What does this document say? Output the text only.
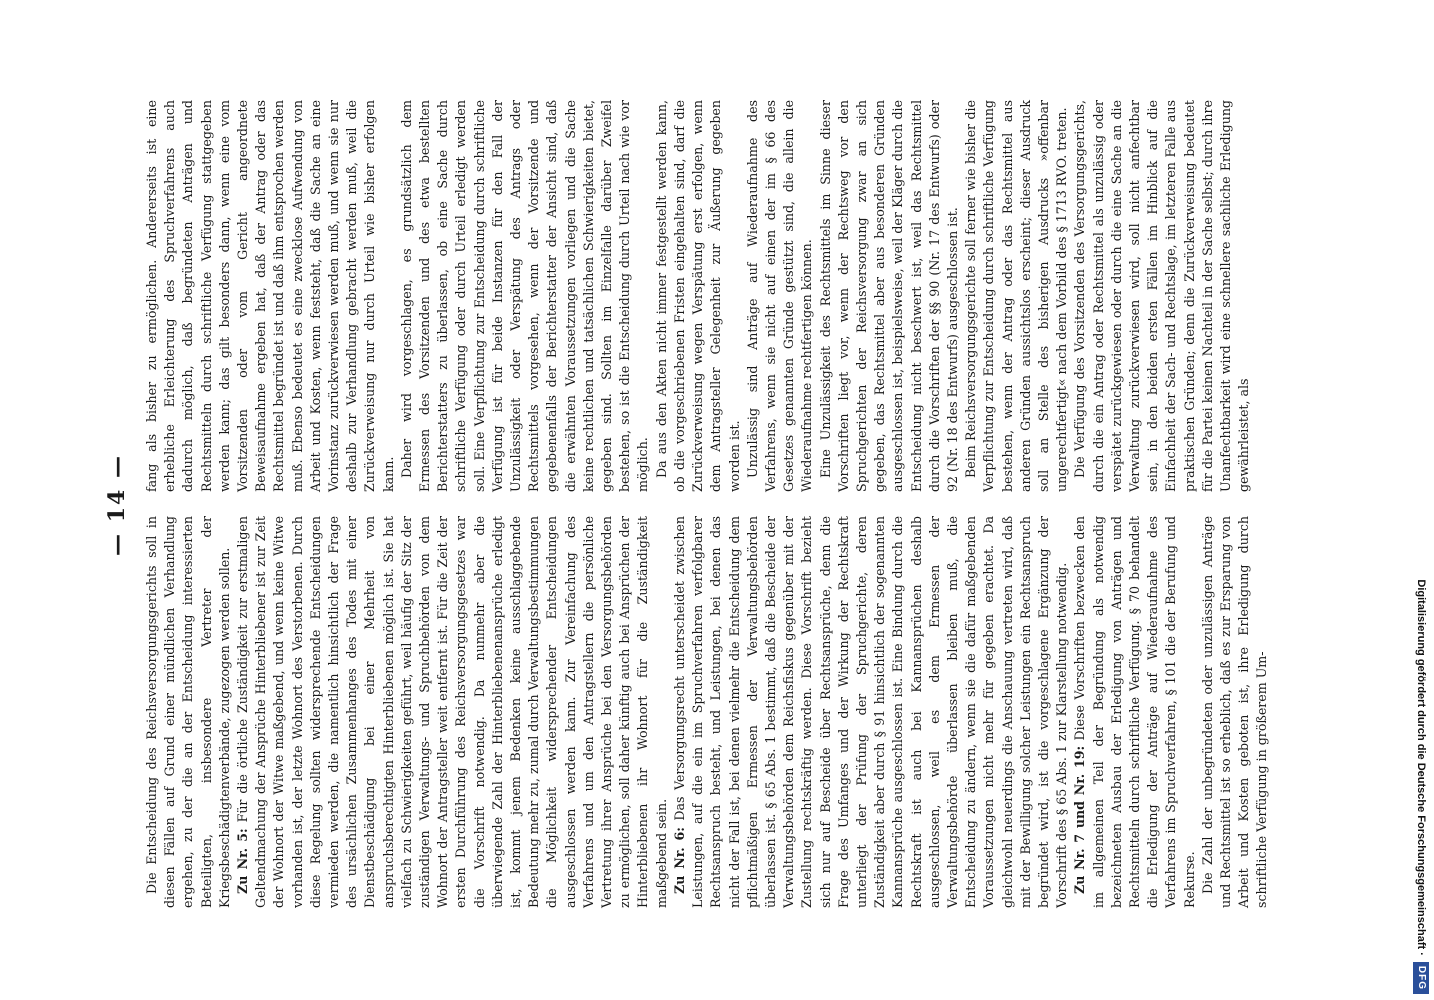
— 14 —

Die Entscheidung des Reichsversorgungsgerichts soll in diesen Fällen auf Grund einer mündlichen Verhandlung ergehen, zu der die an der Entscheidung interessierten Beteiligten, insbesondere Vertreter der Kriegsbeschädigtenverbände, zugezogen werden sollen. Zu Nr. 5: Für die örtliche Zuständigkeit zur erstmaligen Geltendmachung der Ansprüche Hinterbliebener ist zur Zeit der Wohnort der Witwe maßgebend, und wenn keine Witwe vorhanden ist, der letzte Wohnort des Verstorbenen. Durch diese Regelung sollten widersprechende Entscheidungen vermieden werden, die namentlich hinsichtlich der Frage des ursächlichen Zusammenhanges des Todes mit einer Dienstbeschädigung bei einer Mehrheit von anspruchsberechtigten Hinterbliebenen möglich ist. Sie hat vielfach zu Schwierigkeiten geführt, weil häufig der Sitz der zuständigen Verwaltungs- und Spruchbehörden von dem Wohnort der Antragsteller weit entfernt ist. Für die Zeit der ersten Durchführung des Reichsversorgungsgesetzes war die Vorschrift notwendig. Da nunmehr aber die überwiegende Zahl der Hinterbliebenenansprüche erledigt ist, kommt jenem Bedenken keine ausschlaggebende Bedeutung mehr zu, zumal durch Verwaltungsbestimmungen die Möglichkeit widersprechender Entscheidungen ausgeschlossen werden kann. Zur Vereinfachung des Verfahrens und um den Antragstellern die persönliche Vertretung ihrer Ansprüche bei den Versorgungsbehörden zu ermöglichen, soll daher künftig auch bei Ansprüchen der Hinterbliebenen ihr Wohnort für die Zuständigkeit maßgebend sein. Zu Nr. 6: Das Versorgungsrecht unterscheidet zwischen Leistungen, auf die ein im Spruchverfahren verfolgbarer Rechtsanspruch besteht, und Leistungen, bei denen das nicht der Fall ist, bei denen vielmehr die Entscheidung dem pflichtmäßigen Ermessen der Verwaltungsbehörden überlassen ist. § 65 Abs. 1 bestimmt, daß die Bescheide der Verwaltungsbehörden dem Reichsfiskus gegenüber mit der Zustellung rechtskräftig werden. Diese Vorschrift bezieht sich nur auf Bescheide über Rechtsansprüche, denn die Frage des Umfanges und der Wirkung der Rechtskraft unterliegt der Prüfung der Spruchgerichte, deren Zuständigkeit aber durch § 91 hinsichtlich der sogenannten Kannansprüche ausgeschlossen ist. Eine Bindung durch die Rechtskraft ist auch bei Kannansprüchen deshalb ausgeschlossen, weil es dem Ermessen der Verwaltungsbehörde überlassen bleiben muß, die Entscheidung zu ändern, wenn sie die dafür maßgebenden Voraussetzungen nicht mehr für gegeben erachtet. Da gleichwohl neuerdings die Anschauung vertreten wird, daß mit der Bewilligung solcher Leistungen ein Rechtsanspruch begründet wird, ist die vorgeschlagene Ergänzung der Vorschrift des § 65 Abs. 1 zur Klarstellung notwendig. Zu Nr. 7 und Nr. 19: Diese Vorschriften bezwecken den im allgemeinen Teil der Begründung als notwendig bezeichneten Ausbau der Erledigung von Anträgen und Rechtsmitteln durch schriftliche Verfügung. § 70 behandelt die Erledigung der Anträge auf Wiederaufnahme des Verfahrens im Spruchverfahren, § 101 die der Berufung und Rekurse. Die Zahl der unbegründeten oder unzulässigen Anträge und Rechtsmittel ist so erheblich, daß es zur Ersparung von Arbeit und Kosten geboten ist, ihre Erledigung durch schriftliche Verfügung in größerem Um-

fang als bisher zu ermöglichen. Andererseits ist eine erhebliche Erleichterung des Spruchverfahrens auch dadurch möglich, daß begründeten Anträgen und Rechtsmitteln durch schriftliche Verfügung stattgegeben werden kann; das gilt besonders dann, wenn eine vom Vorsitzenden oder vom Gericht angeordnete Beweisaufnahme ergeben hat, daß der Antrag oder das Rechtsmittel begründet ist und daß ihm entsprochen werden muß. Ebenso bedeutet es eine zwecklose Aufwendung von Arbeit und Kosten, wenn feststeht, daß die Sache an eine Vorinstanz zurückverwiesen werden muß, und wenn sie nur deshalb zur Verhandlung gebracht werden muß, weil die Zurückverweisung nur durch Urteil wie bisher erfolgen kann. Daher wird vorgeschlagen, es grundsätzlich dem Ermessen des Vorsitzenden und des etwa bestellten Berichterstatters zu überlassen, ob eine Sache durch schriftliche Verfügung oder durch Urteil erledigt werden soll. Eine Verpflichtung zur Entscheidung durch schriftliche Verfügung ist für beide Instanzen für den Fall der Unzulässigkeit oder Verspätung des Antrags oder Rechtsmittels vorgesehen, wenn der Vorsitzende und gegebenenfalls der Berichterstatter der Ansicht sind, daß die erwähnten Voraussetzungen vorliegen und die Sache keine rechtlichen und tatsächlichen Schwierigkeiten bietet, gegeben sind. Sollten im Einzelfalle darüber Zweifel bestehen, so ist die Entscheidung durch Urteil nach wie vor möglich. Da aus den Akten nicht immer festgestellt werden kann, ob die vorgeschriebenen Fristen eingehalten sind, darf die Zurückverweisung wegen Verspätung erst erfolgen, wenn dem Antragsteller Gelegenheit zur Äußerung gegeben worden ist. Unzulässig sind Anträge auf Wiederaufnahme des Verfahrens, wenn sie nicht auf einen der im § 66 des Gesetzes genannten Gründe gestützt sind, die allein die Wiederaufnahme rechtfertigen können. Eine Unzulässigkeit des Rechtsmittels im Sinne dieser Vorschriften liegt vor, wenn der Rechtsweg vor den Spruchgerichten der Reichsversorgung zwar an sich gegeben, das Rechtsmittel aber aus besonderen Gründen ausgeschlossen ist, beispielsweise, weil der Kläger durch die Entscheidung nicht beschwert ist, weil das Rechtsmittel durch die Vorschriften der §§ 90 (Nr. 17 des Entwurfs) oder 92 (Nr. 18 des Entwurfs) ausgeschlossen ist. Beim Reichsversorgungsgerichte soll ferner wie bisher die Verpflichtung zur Entscheidung durch schriftliche Verfügung bestehen, wenn der Antrag oder das Rechtsmittel aus anderen Gründen aussichtslos erscheint; dieser Ausdruck soll an Stelle des bisherigen Ausdrucks »offenbar ungerechtfertigt« nach dem Vorbild des § 1713 RVO. treten. Die Verfügung des Vorsitzenden des Versorgungsgerichts, durch die ein Antrag oder Rechtsmittel als unzulässig oder verspätet zurückgewiesen oder durch die eine Sache an die Verwaltung zurückverwiesen wird, soll nicht anfechtbar sein, in den beiden ersten Fällen im Hinblick auf die Einfachheit der Sach- und Rechtslage, im letzteren Falle aus praktischen Gründen; denn die Zurückverweisung bedeutet für die Partei keinen Nachteil in der Sache selbst; durch ihre Unanfechtbarkeit wird eine schnellere sachliche Erledigung gewährleistet, als

Digitalisierung gefördert durch die Deutsche Forschungsgemeinschaft ·
DFG
